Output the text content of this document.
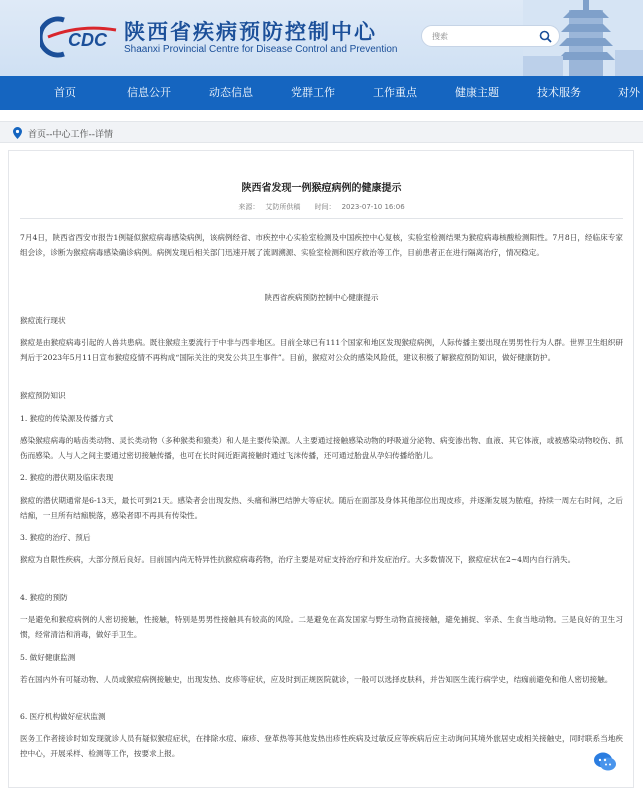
CDC 陕西省疾病预防控制中心
Shaanxi Provincial Centre for Disease Control and Prevention
搜索
首页	信息公开	动态信息	党群工作	工作重点	健康主题	技术服务	对外
首页--中心工作--详情
陕西省发现一例猴痘病例的健康提示
来源： 艾防所供稿 时间： 2023-07-10 16:06
7月4日，陕西省西安市报告1例疑似猴痘病毒感染病例，该病例经省、市疾控中心实验室检测及中国疾控中心复核，实验室检测结果为猴痘病毒核酸检测阳性。7月8日，经临床专家组会诊，诊断为猴痘病毒感染确诊病例。病例发现后相关部门迅速开展了流调溯源、实验室检测和医疗救治等工作，目前患者正在进行隔离治疗，情况稳定。
陕西省疾病预防控制中心健康提示
猴痘流行现状
猴痘是由猴痘病毒引起的人兽共患病。既往猴痘主要流行于中非与西非地区。目前全球已有111个国家和地区发现猴痘病例，人际传播主要出现在男男性行为人群。世界卫生组织研判后于2023年5月11日宣布猴痘疫情不再构成“国际关注的突发公共卫生事件”。目前，猴痘对公众的感染风险低，建议积极了解猴痘预防知识，做好健康防护。
猴痘预防知识
1. 猴痘的传染源及传播方式
感染猴痘病毒的啮齿类动物、灵长类动物（多种猴类和猿类）和人是主要传染源。人主要通过接触感染动物的呼吸道分泌物、病变渗出物、血液、其它体液，或被感染动物咬伤、抓伤而感染。人与人之间主要通过密切接触传播，也可在长时间近距离接触时通过飞沫传播，还可通过胎盘从孕妇传播给胎儿。
2. 猴痘的潜伏期及临床表现
猴痘的潜伏期通常是6-13天，最长可到21天。感染者会出现发热、头痛和淋巴结肿大等症状。随后在面部及身体其他部位出现皮疹，并逐渐发展为脓疱，持续一周左右时间，之后结痂，一旦所有结痂脱落，感染者即不再具有传染性。
3. 猴痘的治疗、预后
猴痘为自限性疾病，大部分预后良好。目前国内尚无特异性抗猴痘病毒药物，治疗主要是对症支持治疗和并发症治疗。大多数情况下，猴痘症状在2~4周内自行消失。
4. 猴痘的预防
一是避免和猴痘病例的人密切接触，性接触，特别是男男性接触具有较高的风险。二是避免在高发国家与野生动物直接接触，避免捕捉、宰杀、生食当地动物。三是良好的卫生习惯，经常清洁和消毒，做好手卫生。
5. 做好健康监测
若在国内外有可疑动物、人员或猴痘病例接触史，出现发热、皮疹等症状，应及时到正规医院就诊，一般可以选择皮肤科，并告知医生流行病学史，结痂前避免和他人密切接触。
6. 医疗机构做好症状监测
医务工作者接诊时如发现就诊人员有疑似猴痘症状，在排除水痘、麻疹、登革热等其他发热出疹性疾病及过敏反应等疾病后应主动询问其境外旅居史或相关接触史，同时联系当地疾控中心，开展采样、检测等工作，按要求上报。
